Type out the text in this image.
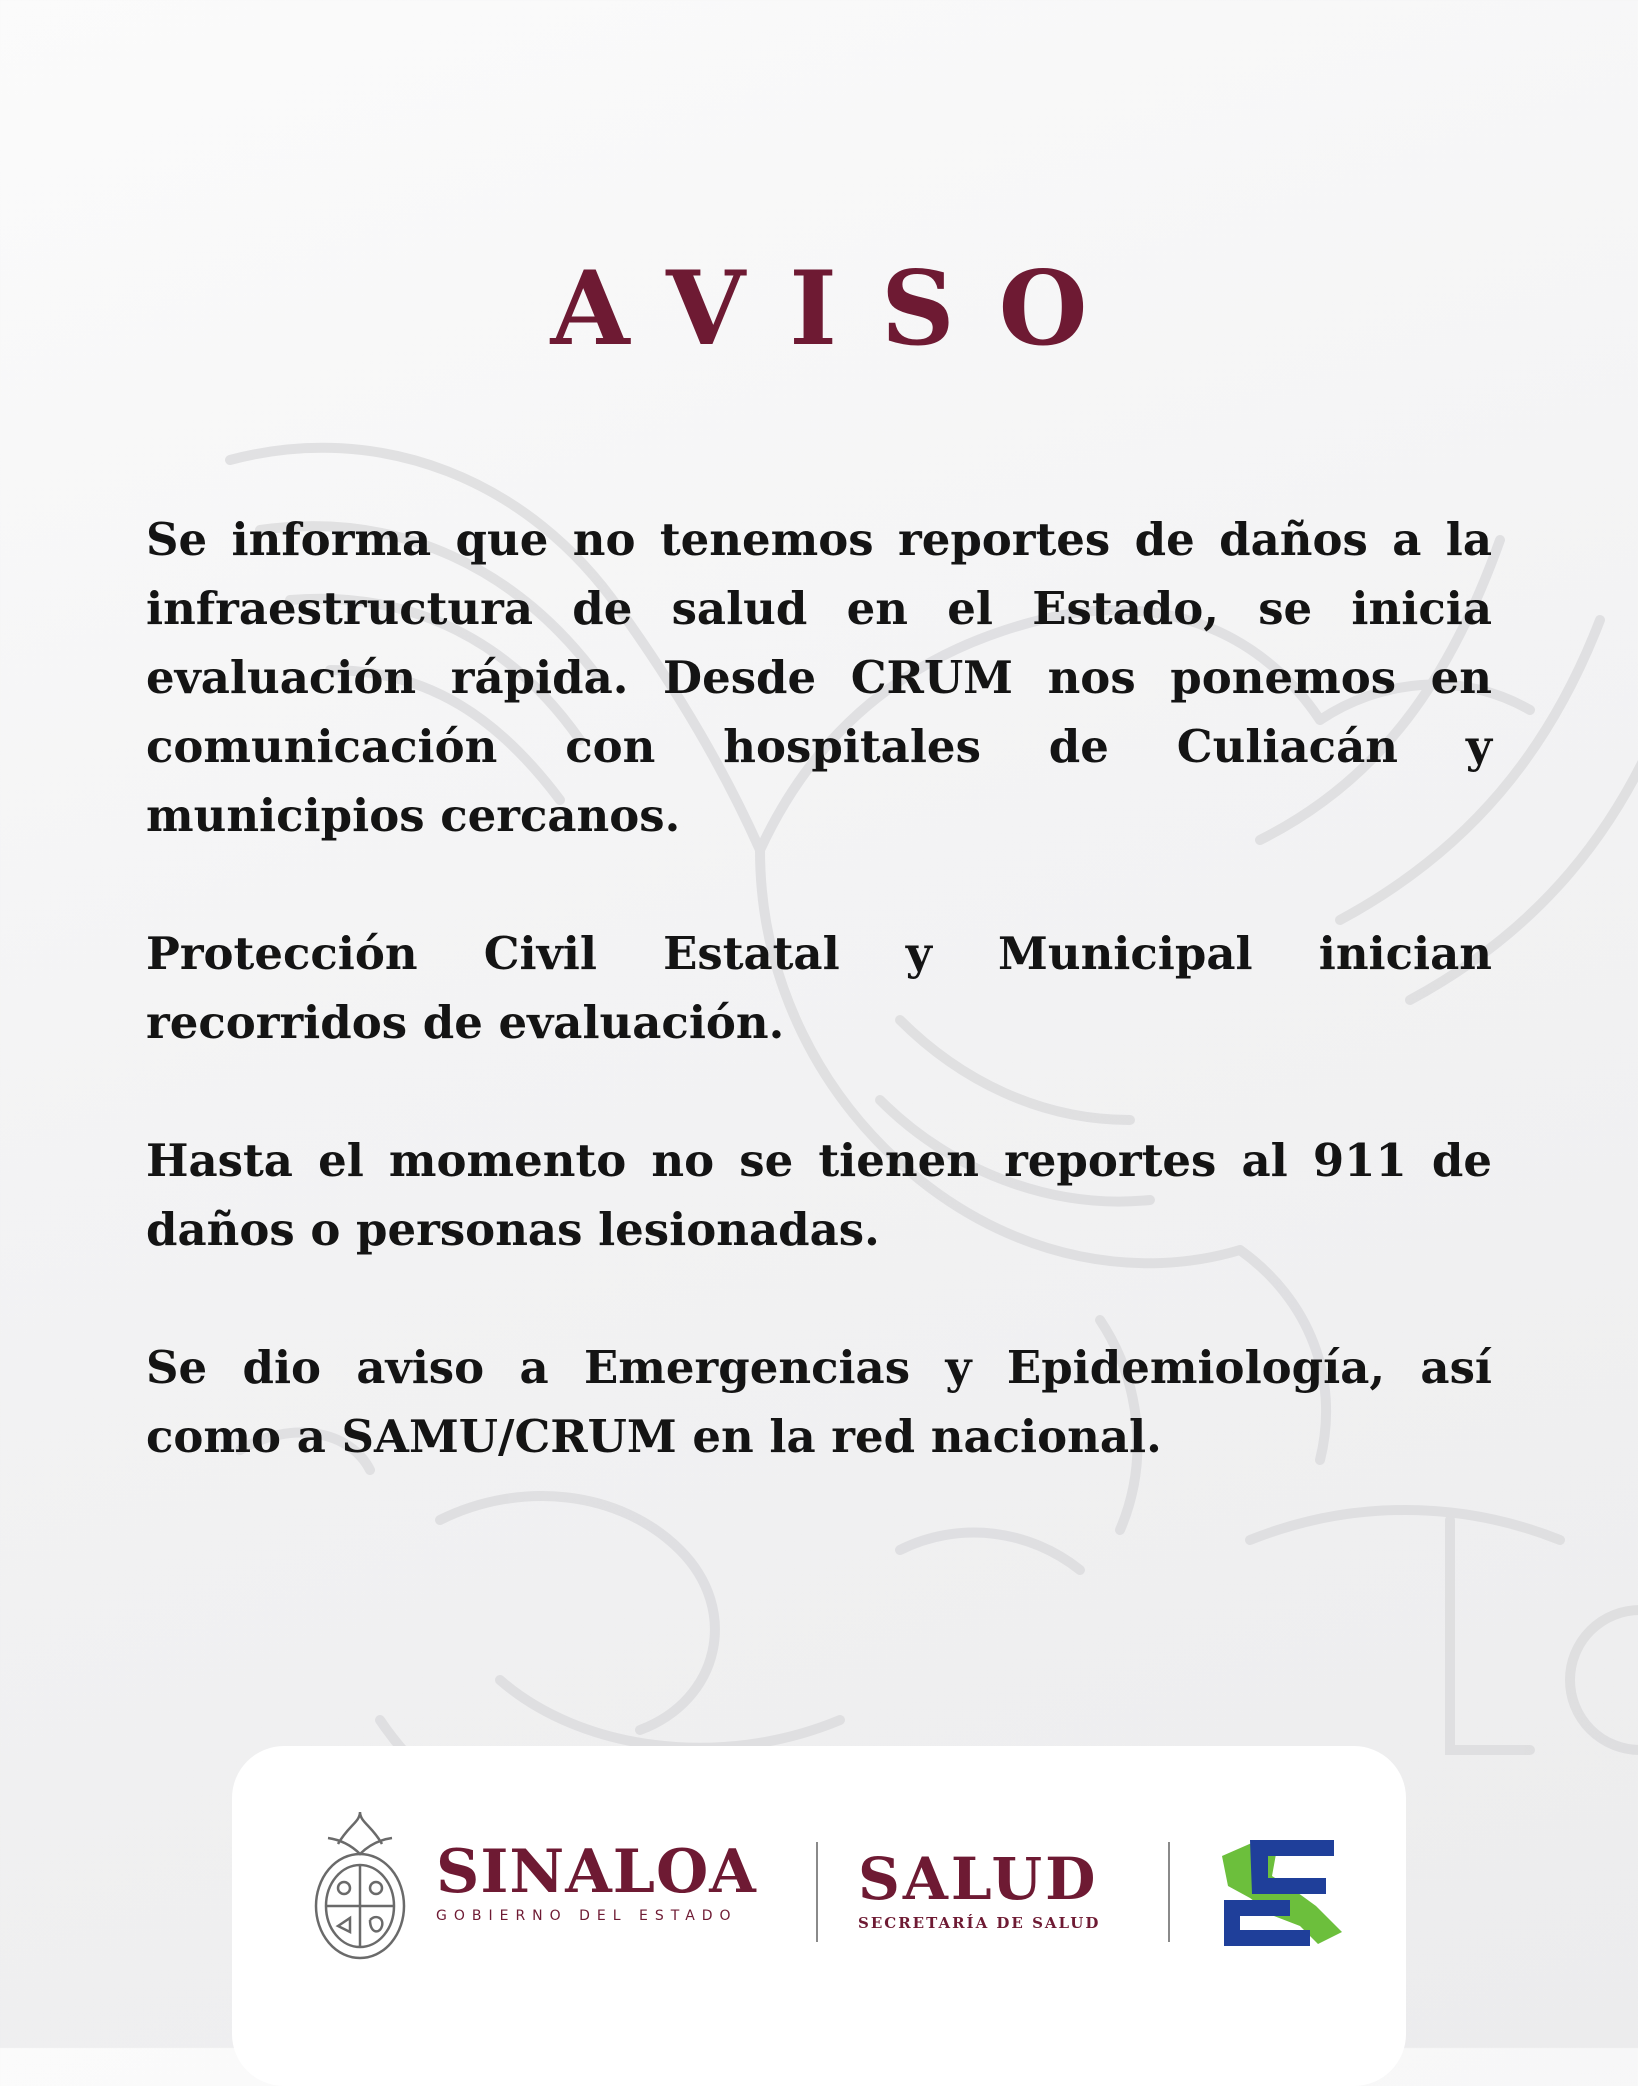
AVISO

Se informa que no tenemos reportes de daños a la infraestructura de salud en el Estado, se inicia evaluación rápida. Desde CRUM nos ponemos en comunicación con hospitales de Culiacán y municipios cercanos.

Protección Civil Estatal y Municipal inician recorridos de evaluación.

Hasta el momento no se tienen reportes al 911 de daños o personas lesionadas.

Se dio aviso a Emergencias y Epidemiología, así como a SAMU/CRUM en la red nacional.

SINALOA
GOBIERNO DEL ESTADO
SALUD
SECRETARÍA DE SALUD
